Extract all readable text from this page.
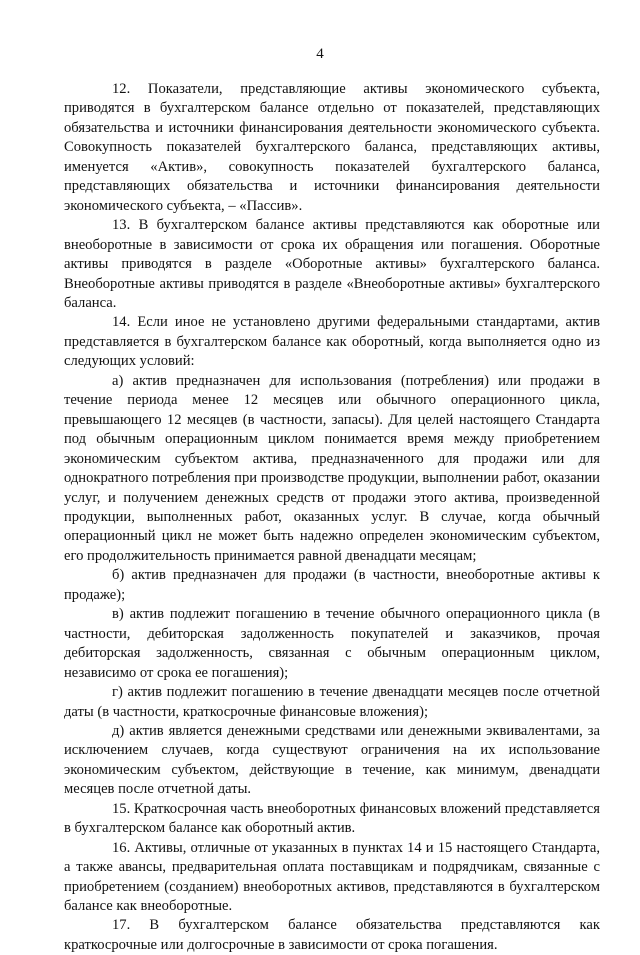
4

12. Показатели, представляющие активы экономического субъекта, приводятся в бухгалтерском балансе отдельно от показателей, представляющих обязательства и источники финансирования деятельности экономического субъекта. Совокупность показателей бухгалтерского баланса, представляющих активы, именуется «Актив», совокупность показателей бухгалтерского баланса, представляющих обязательства и источники финансирования деятельности экономического субъекта, – «Пассив».

13. В бухгалтерском балансе активы представляются как оборотные или внеоборотные в зависимости от срока их обращения или погашения. Оборотные активы приводятся в разделе «Оборотные активы» бухгалтерского баланса. Внеоборотные активы приводятся в разделе «Внеоборотные активы» бухгалтерского баланса.

14. Если иное не установлено другими федеральными стандартами, актив представляется в бухгалтерском балансе как оборотный, когда выполняется одно из следующих условий:

а) актив предназначен для использования (потребления) или продажи в течение периода менее 12 месяцев или обычного операционного цикла, превышающего 12 месяцев (в частности, запасы). Для целей настоящего Стандарта под обычным операционным циклом понимается время между приобретением экономическим субъектом актива, предназначенного для продажи или для однократного потребления при производстве продукции, выполнении работ, оказании услуг, и получением денежных средств от продажи этого актива, произведенной продукции, выполненных работ, оказанных услуг. В случае, когда обычный операционный цикл не может быть надежно определен экономическим субъектом, его продолжительность принимается равной двенадцати месяцам;

б) актив предназначен для продажи (в частности, внеоборотные активы к продаже);

в) актив подлежит погашению в течение обычного операционного цикла (в частности, дебиторская задолженность покупателей и заказчиков, прочая дебиторская задолженность, связанная с обычным операционным циклом, независимо от срока ее погашения);

г) актив подлежит погашению в течение двенадцати месяцев после отчетной даты (в частности, краткосрочные финансовые вложения);

д) актив является денежными средствами или денежными эквивалентами, за исключением случаев, когда существуют ограничения на их использование экономическим субъектом, действующие в течение, как минимум, двенадцати месяцев после отчетной даты.

15. Краткосрочная часть внеоборотных финансовых вложений представляется в бухгалтерском балансе как оборотный актив.

16. Активы, отличные от указанных в пунктах 14 и 15 настоящего Стандарта, а также авансы, предварительная оплата поставщикам и подрядчикам, связанные с приобретением (созданием) внеоборотных активов, представляются в бухгалтерском балансе как внеоборотные.

17. В бухгалтерском балансе обязательства представляются как краткосрочные или долгосрочные в зависимости от срока погашения.
